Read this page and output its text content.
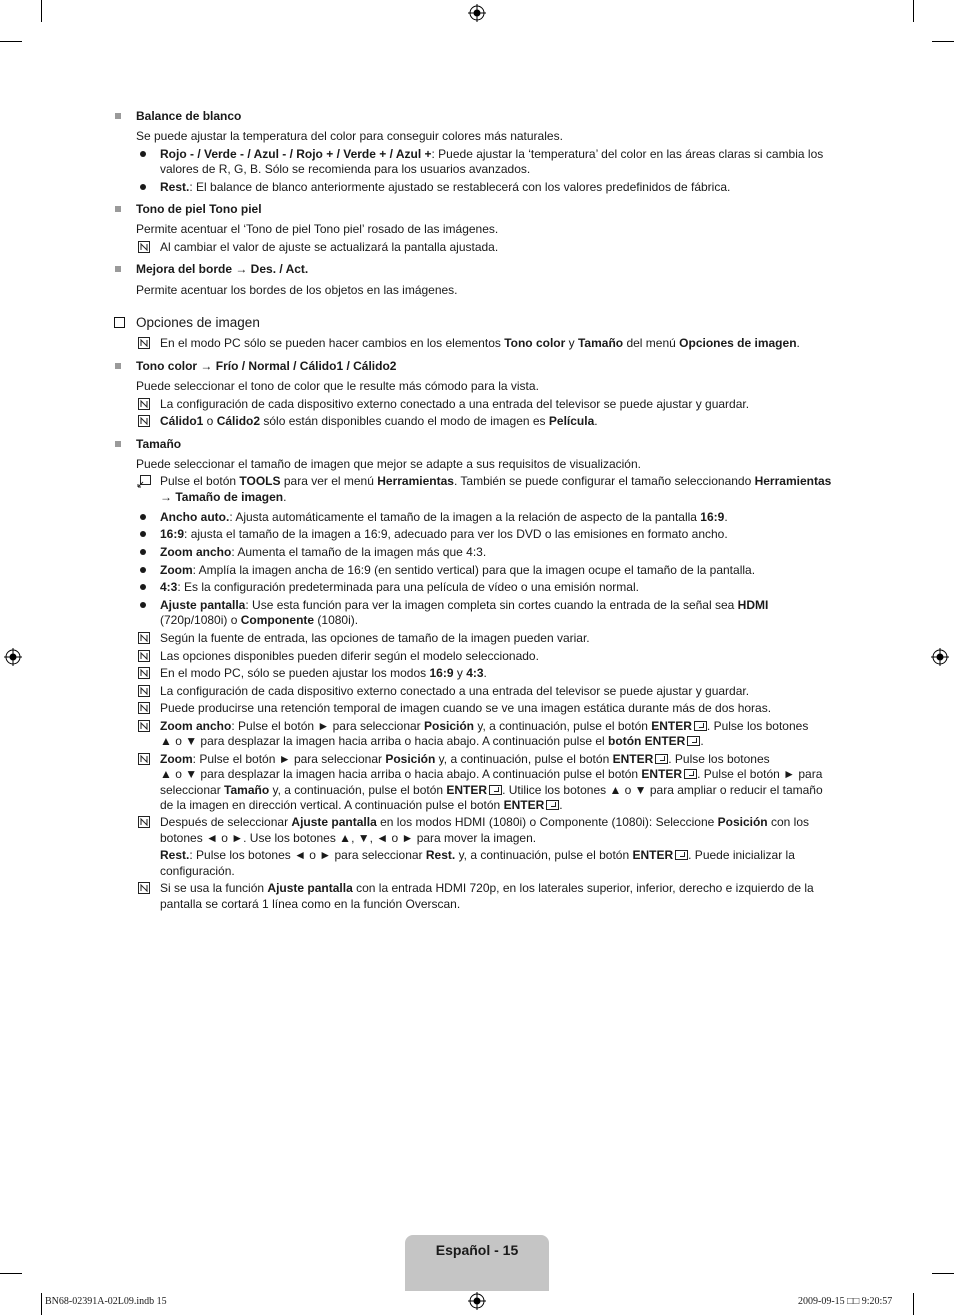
Balance de blanco
Se puede ajustar la temperatura del color para conseguir colores más naturales.
Rojo - / Verde - / Azul - / Rojo + / Verde + / Azul +: Puede ajustar la ‘temperatura’ del color en las áreas claras si cambia los
valores de R, G, B. Sólo se recomienda para los usuarios avanzados.
Rest.: El balance de blanco anteriormente ajustado se restablecerá con los valores predefinidos de fábrica.
Tono de piel Tono piel
Permite acentuar el ‘Tono de piel Tono piel’ rosado de las imágenes.
Al cambiar el valor de ajuste se actualizará la pantalla ajustada.
Mejora del borde → Des. / Act.
Permite acentuar los bordes de los objetos en las imágenes.
Opciones de imagen
En el modo PC sólo se pueden hacer cambios en los elementos Tono color y Tamaño del menú Opciones de imagen.
Tono color → Frío / Normal / Cálido1 / Cálido2
Puede seleccionar el tono de color que le resulte más cómodo para la vista.
La configuración de cada dispositivo externo conectado a una entrada del televisor se puede ajustar y guardar.
Cálido1 o Cálido2 sólo están disponibles cuando el modo de imagen es Película.
Tamaño
Puede seleccionar el tamaño de imagen que mejor se adapte a sus requisitos de visualización.
Pulse el botón TOOLS para ver el menú Herramientas. También se puede configurar el tamaño seleccionando Herramientas
→ Tamaño de imagen.
Ancho auto.: Ajusta automáticamente el tamaño de la imagen a la relación de aspecto de la pantalla 16:9.
16:9: ajusta el tamaño de la imagen a 16:9, adecuado para ver los DVD o las emisiones en formato ancho.
Zoom ancho: Aumenta el tamaño de la imagen más que 4:3.
Zoom: Amplía la imagen ancha de 16:9 (en sentido vertical) para que la imagen ocupe el tamaño de la pantalla.
4:3: Es la configuración predeterminada para una película de vídeo o una emisión normal.
Ajuste pantalla: Use esta función para ver la imagen completa sin cortes cuando la entrada de la señal sea HDMI
(720p/1080i) o Componente (1080i).
Según la fuente de entrada, las opciones de tamaño de la imagen pueden variar.
Las opciones disponibles pueden diferir según el modelo seleccionado.
En el modo PC, sólo se pueden ajustar los modos 16:9 y 4:3.
La configuración de cada dispositivo externo conectado a una entrada del televisor se puede ajustar y guardar.
Puede producirse una retención temporal de imagen cuando se ve una imagen estática durante más de dos horas.
Zoom ancho: Pulse el botón ► para seleccionar Posición y, a continuación, pulse el botón ENTER . Pulse los botones
▲ o ▼ para desplazar la imagen hacia arriba o hacia abajo. A continuación pulse el botón ENTER .
Zoom: Pulse el botón ► para seleccionar Posición y, a continuación, pulse el botón ENTER . Pulse los botones
▲ o ▼ para desplazar la imagen hacia arriba o hacia abajo. A continuación pulse el botón ENTER . Pulse el botón ► para
seleccionar Tamaño y, a continuación, pulse el botón ENTER . Utilice los botones ▲ o ▼ para ampliar o reducir el tamaño
de la imagen en dirección vertical. A continuación pulse el botón ENTER .
Después de seleccionar Ajuste pantalla en los modos HDMI (1080i) o Componente (1080i): Seleccione Posición con los
botones ◄ o ►. Use los botones ▲, ▼, ◄ o ► para mover la imagen.
Rest.: Pulse los botones ◄ o ► para seleccionar Rest. y, a continuación, pulse el botón ENTER . Puede inicializar la
configuración.
Si se usa la función Ajuste pantalla con la entrada HDMI 720p, en los laterales superior, inferior, derecho e izquierdo de la
pantalla se cortará 1 línea como en la función Overscan.
Español - 15
BN68-02391A-02L09.indb 15	2009-09-15 □□ 9:20:57
